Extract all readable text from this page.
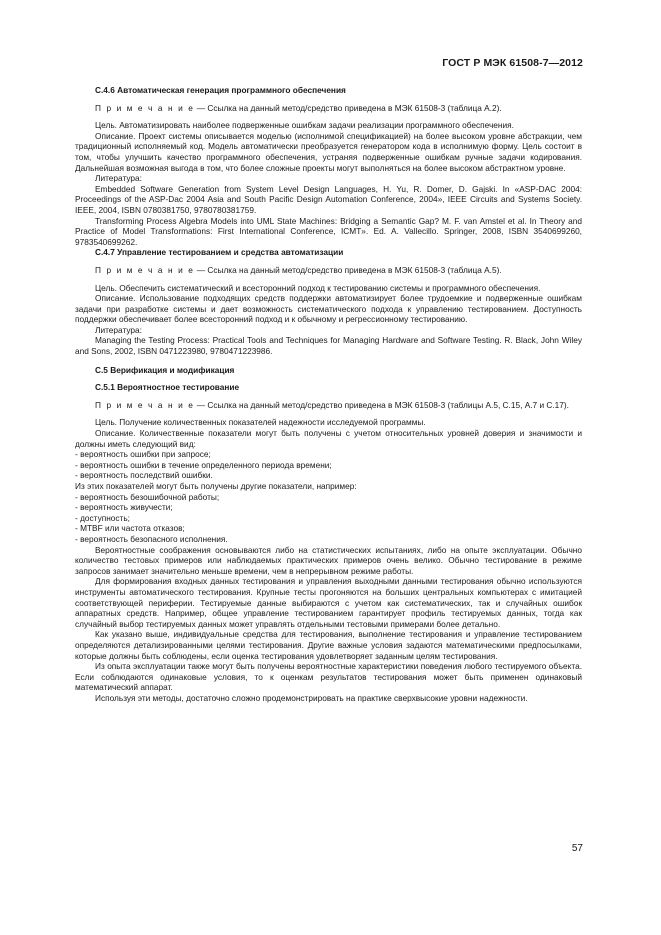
ГОСТ Р МЭК 61508-7—2012

C.4.6 Автоматическая генерация программного обеспечения

П р и м е ч а н и е — Ссылка на данный метод/средство приведена в МЭК 61508-3 (таблица А.2).

Цель. Автоматизировать наиболее подверженные ошибкам задачи реализации программного обеспечения.

Описание. Проект системы описывается моделью (исполнимой спецификацией) на более высоком уровне абстракции, чем традиционный исполняемый код. Модель автоматически преобразуется генератором кода в исполнимую форму. Цель состоит в том, чтобы улучшить качество программного обеспечения, устраняя подверженные ошибкам ручные задачи кодирования. Дальнейшая возможная выгода в том, что более сложные проекты могут выполняться на более высоком абстрактном уровне.

Литература:

Embedded Software Generation from System Level Design Languages, H. Yu, R. Domer, D. Gajski. In «ASP-DAC 2004: Proceedings of the ASP-Dac 2004 Asia and South Pacific Design Automation Conference, 2004», IEEE Circuits and Systems Society. IEEE, 2004, ISBN 0780381750, 9780780381759.

Transforming Process Algebra Models into UML State Machines: Bridging a Semantic Gap? M. F. van Amstel et al. In Theory and Practice of Model Transformations: First International Conference, ICMT». Ed. A. Vallecillo. Springer, 2008, ISBN 3540699260, 9783540699262.

C.4.7 Управление тестированием и средства автоматизации

П р и м е ч а н и е — Ссылка на данный метод/средство приведена в МЭК 61508-3 (таблица А.5).

Цель. Обеспечить систематический и всесторонний подход к тестированию системы и программного обеспечения.

Описание. Использование подходящих средств поддержки автоматизирует более трудоемкие и подверженные ошибкам задачи при разработке системы и дает возможность систематического подхода к управлению тестированием. Доступность поддержки обеспечивает более всесторонний подход и к обычному и регрессионному тестированию.

Литература:

Managing the Testing Process: Practical Tools and Techniques for Managing Hardware and Software Testing. R. Black, John Wiley and Sons, 2002, ISBN 0471223980, 9780471223986.

C.5 Верификация и модификация

C.5.1 Вероятностное тестирование

П р и м е ч а н и е — Ссылка на данный метод/средство приведена в МЭК 61508-3 (таблицы А.5, С.15, А.7 и С.17).

Цель. Получение количественных показателей надежности исследуемой программы.

Описание. Количественные показатели могут быть получены с учетом относительных уровней доверия и значимости и должны иметь следующий вид:

- вероятность ошибки при запросе;

- вероятность ошибки в течение определенного периода времени;

- вероятность последствий ошибки.

Из этих показателей могут быть получены другие показатели, например:

- вероятность безошибочной работы;

- вероятность живучести;

- доступность;

- MTBF или частота отказов;

- вероятность безопасного исполнения.

Вероятностные соображения основываются либо на статистических испытаниях, либо на опыте эксплуатации. Обычно количество тестовых примеров или наблюдаемых практических примеров очень велико. Обычно тестирование в режиме запросов занимает значительно меньше времени, чем в непрерывном режиме работы.

Для формирования входных данных тестирования и управления выходными данными тестирования обычно используются инструменты автоматического тестирования. Крупные тесты прогоняются на больших центральных компьютерах с имитацией соответствующей периферии. Тестируемые данные выбираются с учетом как систематических, так и случайных ошибок аппаратных средств. Например, общее управление тестированием гарантирует профиль тестируемых данных, тогда как случайный выбор тестируемых данных может управлять отдельными тестовыми примерами более детально.

Как указано выше, индивидуальные средства для тестирования, выполнение тестирования и управление тестированием определяются детализированными целями тестирования. Другие важные условия задаются математическими предпосылками, которые должны быть соблюдены, если оценка тестирования удовлетворяет заданным целям тестирования.

Из опыта эксплуатации также могут быть получены вероятностные характеристики поведения любого тестируемого объекта. Если соблюдаются одинаковые условия, то к оценкам результатов тестирования может быть применен одинаковый математический аппарат.

Используя эти методы, достаточно сложно продемонстрировать на практике сверхвысокие уровни надежности.

57
